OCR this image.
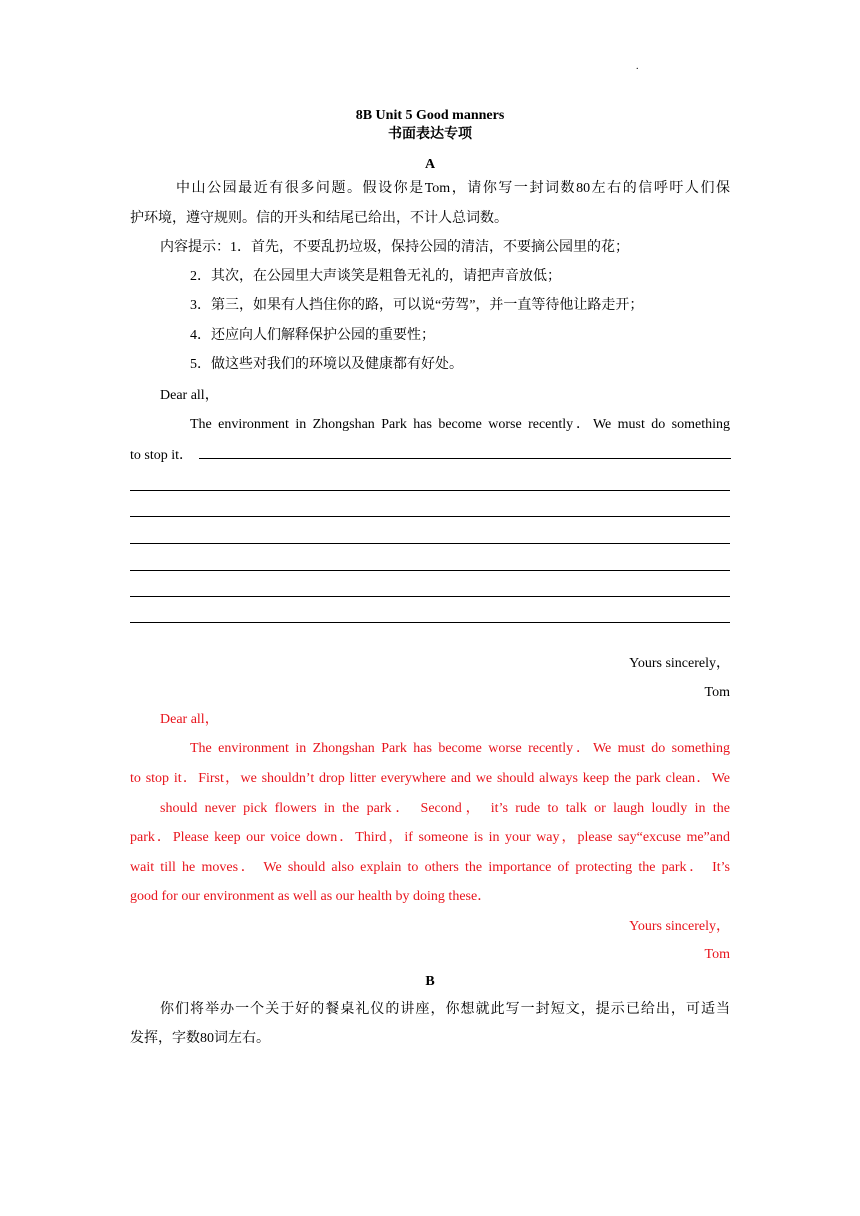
.
8B Unit 5 Good manners
书面表达专项
A
中山公园最近有很多问题。假设你是Tom，请你写一封词数80左右的信呼吁人们保
护环境，遵守规则。信的开头和结尾已给出，不计人总词数。
内容提示：1．首先，不要乱扔垃圾，保持公园的清洁，不要摘公园里的花；
2．其次，在公园里大声谈笑是粗鲁无礼的，请把声音放低；
3．第三，如果有人挡住你的路，可以说“劳驾”，并一直等待他让路走开；
4．还应向人们解释保护公园的重要性；
5．做这些对我们的环境以及健康都有好处。
Dear all，
The environment in Zhongshan Park has become worse recently．We must do something
to stop it．
Yours sincerely，
Tom
Dear all，
The environment in Zhongshan Park has become worse recently．We must do something
to stop it．First，we shouldn’t drop litter everywhere and we should always keep the park clean．We
should never pick flowers in the park． Second， it’s rude to talk or laugh loudly in the
park．Please keep our voice down．Third，if someone is in your way，please say“excuse me”and
wait till he moves． We should also explain to others the importance of protecting the park． It’s
good for our environment as well as our health by doing these．
Yours sincerely，
Tom
B
你们将举办一个关于好的餐桌礼仪的讲座，你想就此写一封短文，提示已给出，可适当
发挥，字数80词左右。
